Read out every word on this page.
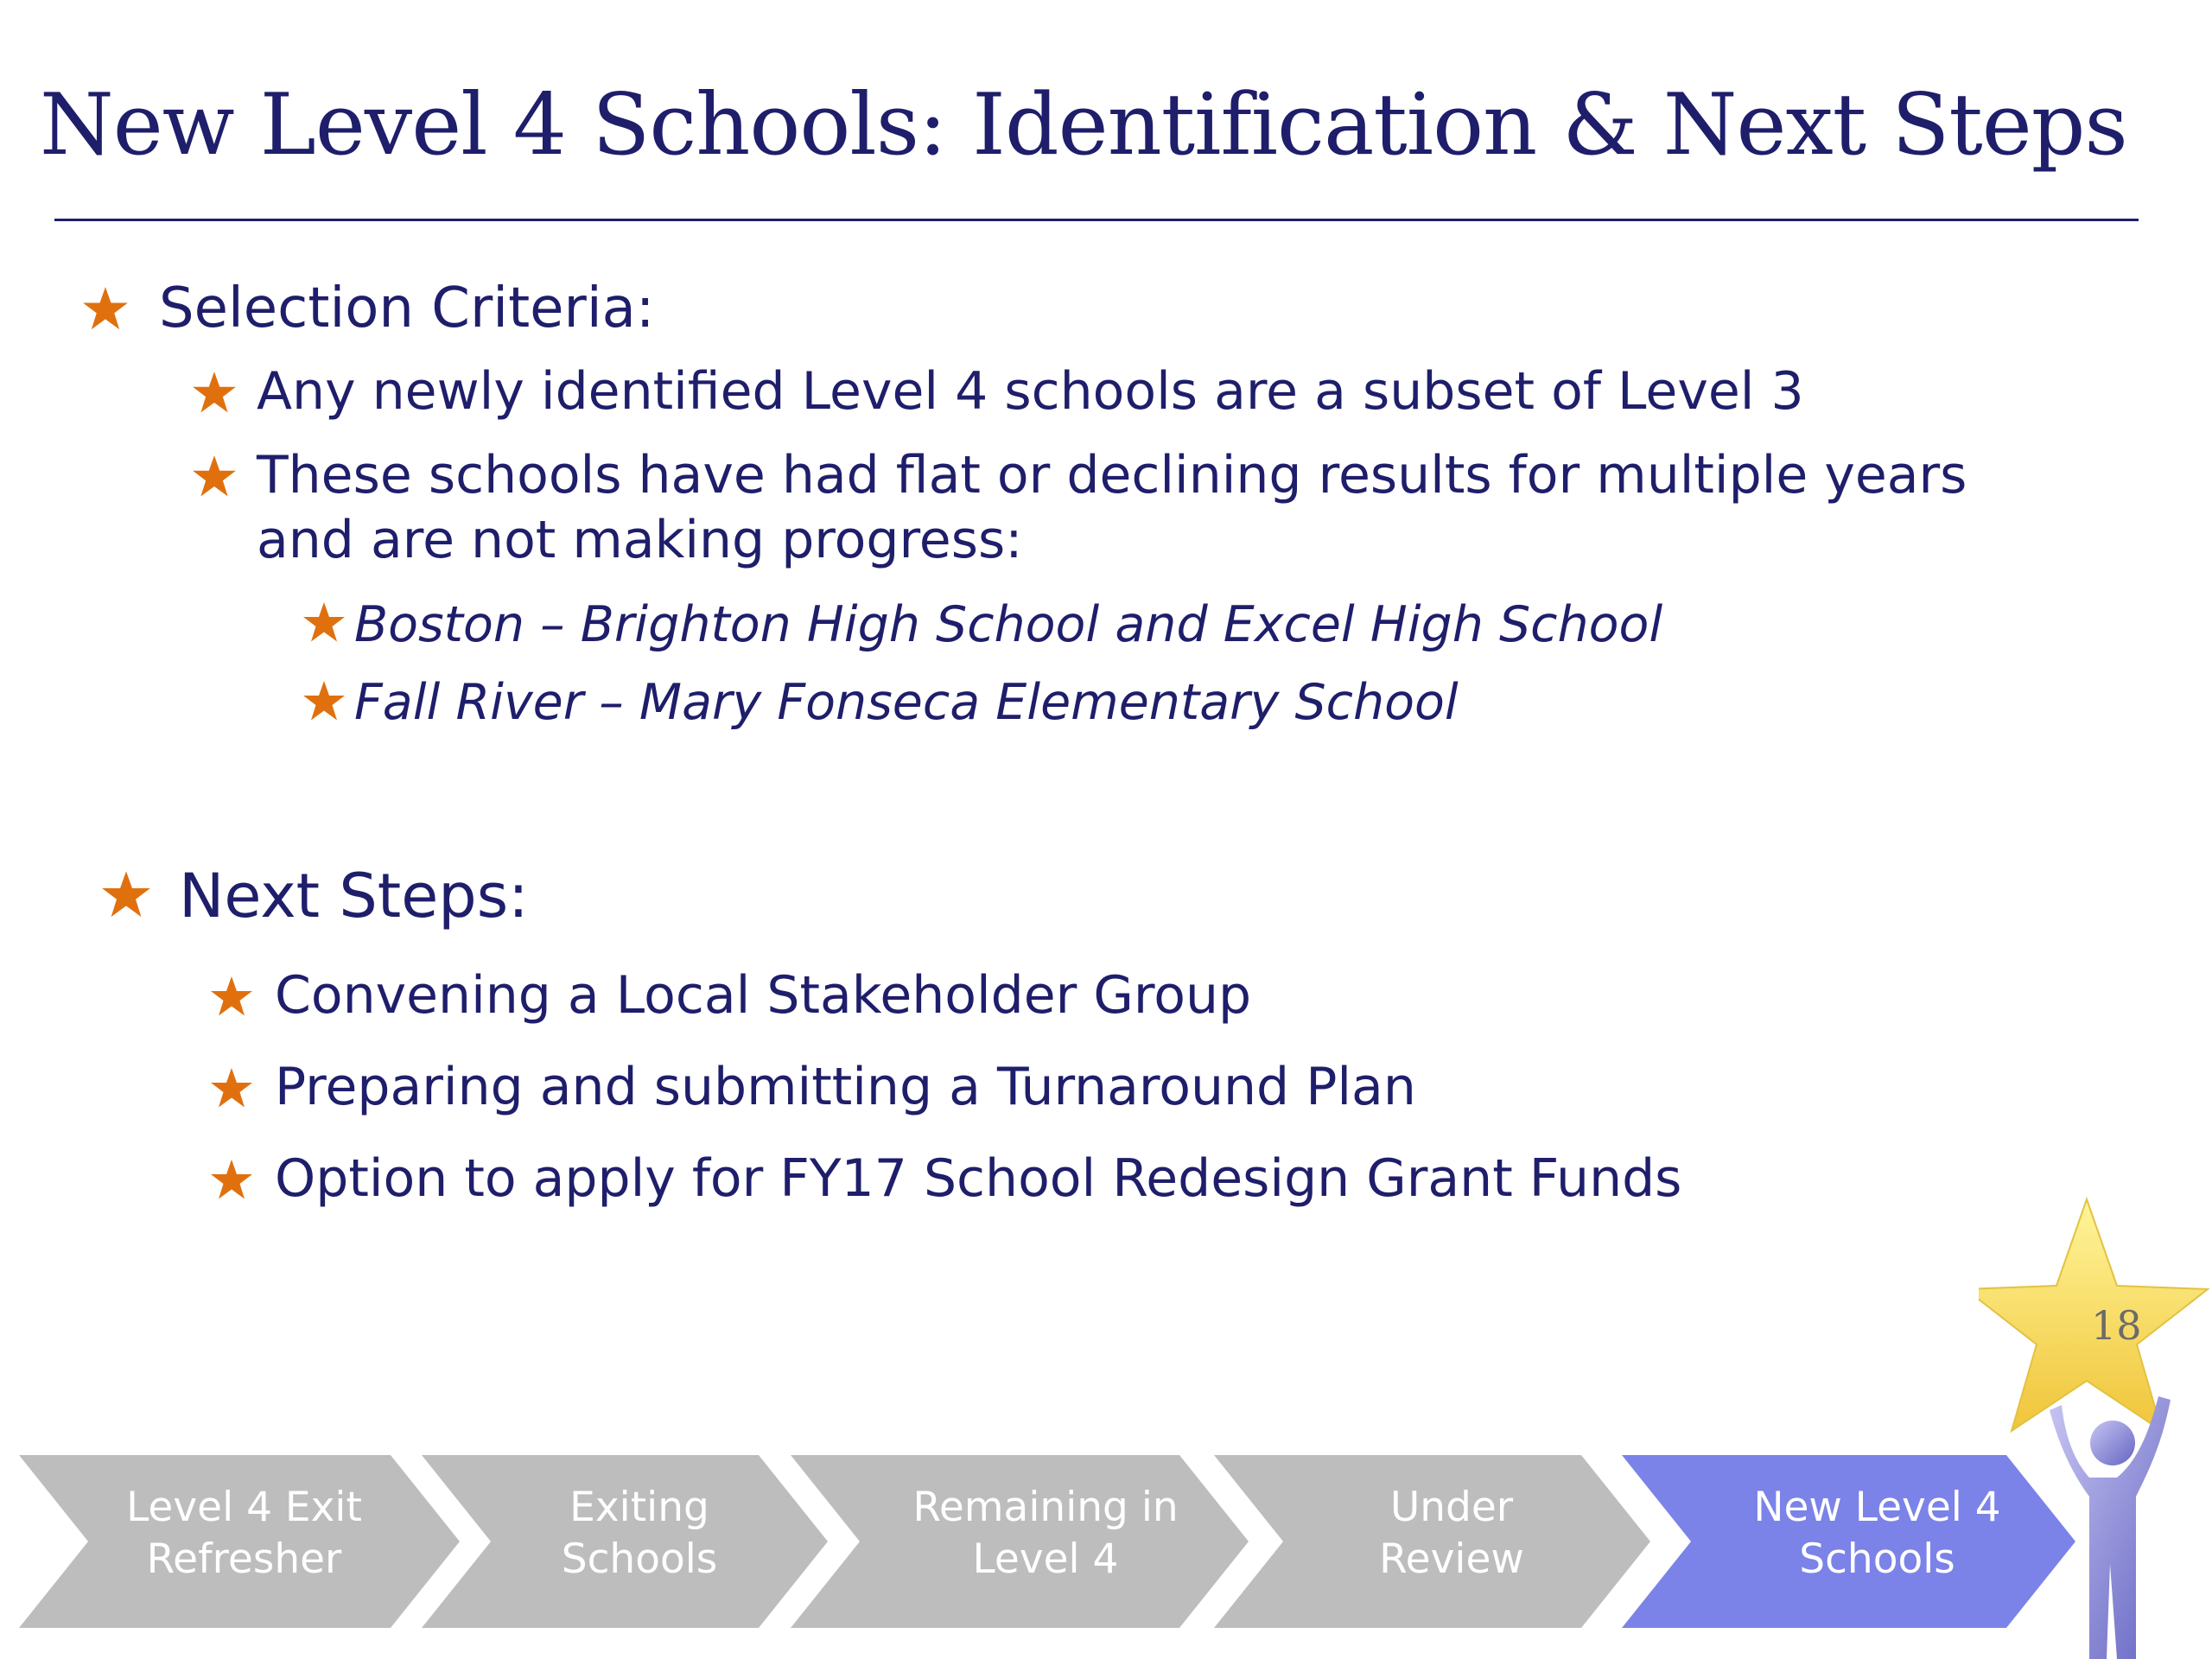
New Level 4 Schools: Identification & Next Steps

Selection Criteria:

Any newly identified Level 4 schools are a subset of Level 3

These schools have had flat or declining results for multiple years

and are not making progress:

Boston – Brighton High School and Excel High School

Fall River – Mary Fonseca Elementary School

Next Steps:

Convening a Local Stakeholder Group

Preparing and submitting a Turnaround Plan

Option to apply for FY17 School Redesign Grant Funds

18
Level 4 Exit
Refresher
Exiting
Schools
Remaining in
Level 4
Under
Review
New Level 4
Schools
